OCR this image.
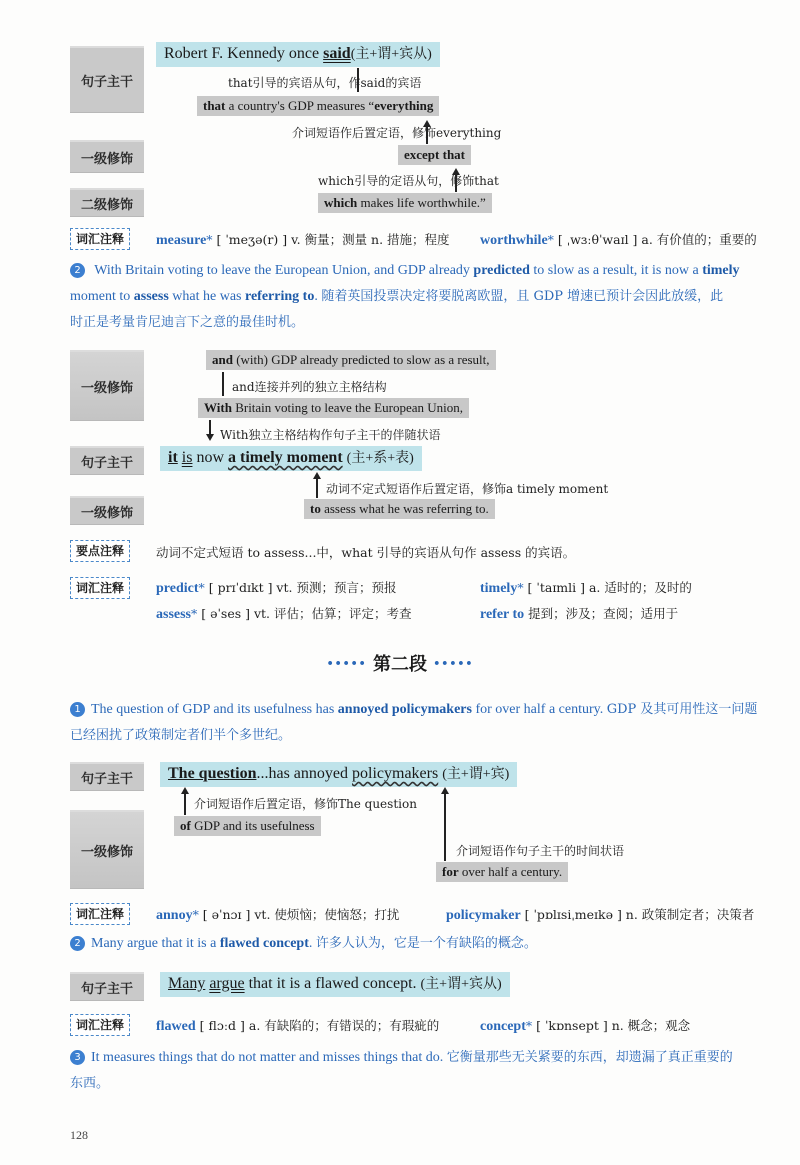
句子主干
一级修饰
二级修饰
Robert F. Kennedy once said(主+谓+宾从)
that引导的宾语从句，作said的宾语
that a country's GDP measures “everything
介词短语作后置定语，修饰everything
except that
which引导的定语从句，修饰that
which makes life worthwhile.”
词汇注释	measure* [ ˈmeʒə(r) ] v. 衡量；测量 n. 措施；程度 worthwhile* [ ˌwɜːθˈwaɪl ] a. 有价值的；重要的
2 With Britain voting to leave the European Union, and GDP already predicted to slow as a result, it is now a timely
moment to assess what he was referring to. 随着英国投票决定将要脱离欧盟，且 GDP 增速已预计会因此放缓，此
时正是考量肯尼迪言下之意的最佳时机。
一级修饰
句子主干
一级修饰
and (with) GDP already predicted to slow as a result,
and连接并列的独立主格结构
With Britain voting to leave the European Union,
With独立主格结构作句子主干的伴随状语
it is now a timely moment (主+系+表)
动词不定式短语作后置定语，修饰a timely moment
to assess what he was referring to.
要点注释	动词不定式短语 to assess...中，what 引导的宾语从句作 assess 的宾语。
词汇注释	predict* [ prɪˈdɪkt ] vt. 预测；预言；预报	timely* [ ˈtaɪmli ] a. 适时的；及时的
assess* [ əˈses ] vt. 评估；估算；评定；考查	refer to 提到；涉及；查阅；适用于
••••• 第二段 •••••
1 The question of GDP and its usefulness has annoyed policymakers for over half a century. GDP 及其可用性这一问题
已经困扰了政策制定者们半个多世纪。
句子主干
一级修饰
The question...has annoyed policymakers (主+谓+宾)
介词短语作后置定语，修饰The question
of GDP and its usefulness
介词短语作句子主干的时间状语
for over half a century.
词汇注释	annoy* [ əˈnɔɪ ] vt. 使烦恼；使恼怒；打扰	policymaker [ ˈpɒlɪsiˌmeɪkə ] n. 政策制定者；决策者
2 Many argue that it is a flawed concept. 许多人认为，它是一个有缺陷的概念。
句子主干	Many argue that it is a flawed concept. (主+谓+宾从)
词汇注释	flawed [ flɔːd ] a. 有缺陷的；有错误的；有瑕疵的	concept* [ ˈkɒnsept ] n. 概念；观念
3 It measures things that do not matter and misses things that do. 它衡量那些无关紧要的东西，却遗漏了真正重要的
东西。
128
